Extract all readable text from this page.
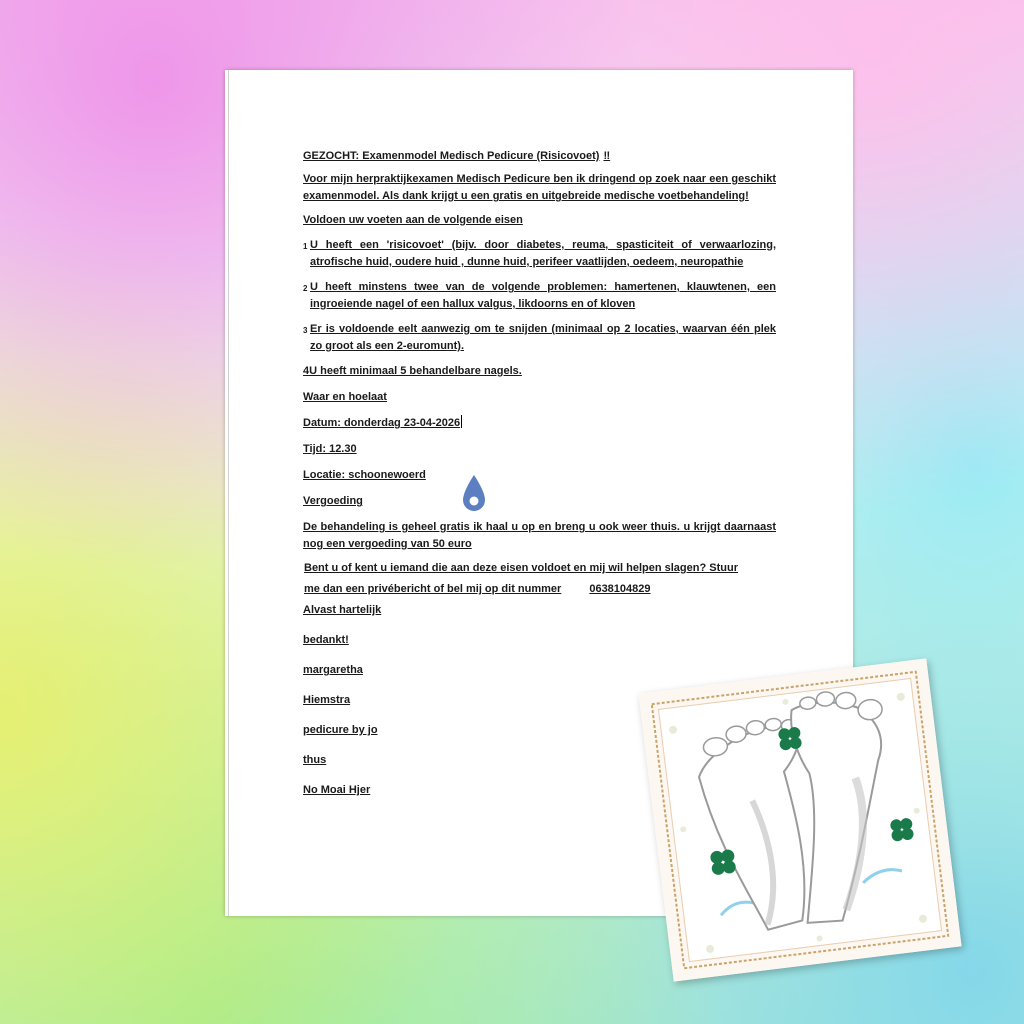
GEZOCHT: Examenmodel Medisch Pedicure (Risicovoet) ‼

Voor mijn herpraktijkexamen Medisch Pedicure ben ik dringend op zoek naar een geschikt examenmodel. Als dank krijgt u een gratis en uitgebreide medische voetbehandeling!

Voldoen uw voeten aan de volgende eisen

1 U heeft een 'risicovoet' (bijv. door diabetes, reuma, spasticiteit of verwaarlozing, atrofische huid, oudere huid , dunne huid, perifeer vaatlijden, oedeem, neuropathie

2 U heeft minstens twee van de volgende problemen: hamertenen, klauwtenen, een ingroeiende nagel of een hallux valgus, likdoorns en of kloven

3 Er is voldoende eelt aanwezig om te snijden (minimaal op 2 locaties, waarvan één plek zo groot als een 2-euromunt).

4U heeft minimaal 5 behandelbare nagels.

Waar en hoelaat

Datum: donderdag 23-04-2026

Tijd: 12.30

Locatie: schoonewoerd

Vergoeding

De behandeling is geheel gratis ik haal u op en breng u ook weer thuis. u krijgt daarnaast nog een vergoeding van 50 euro

Bent u of kent u iemand die aan deze eisen voldoet en mij wil helpen slagen? Stuur

me dan een privébericht of bel mij op dit nummer	0638104829

Alvast hartelijk

bedankt!

margaretha

Hiemstra

pedicure by jo

thus

No Moai Hjer
